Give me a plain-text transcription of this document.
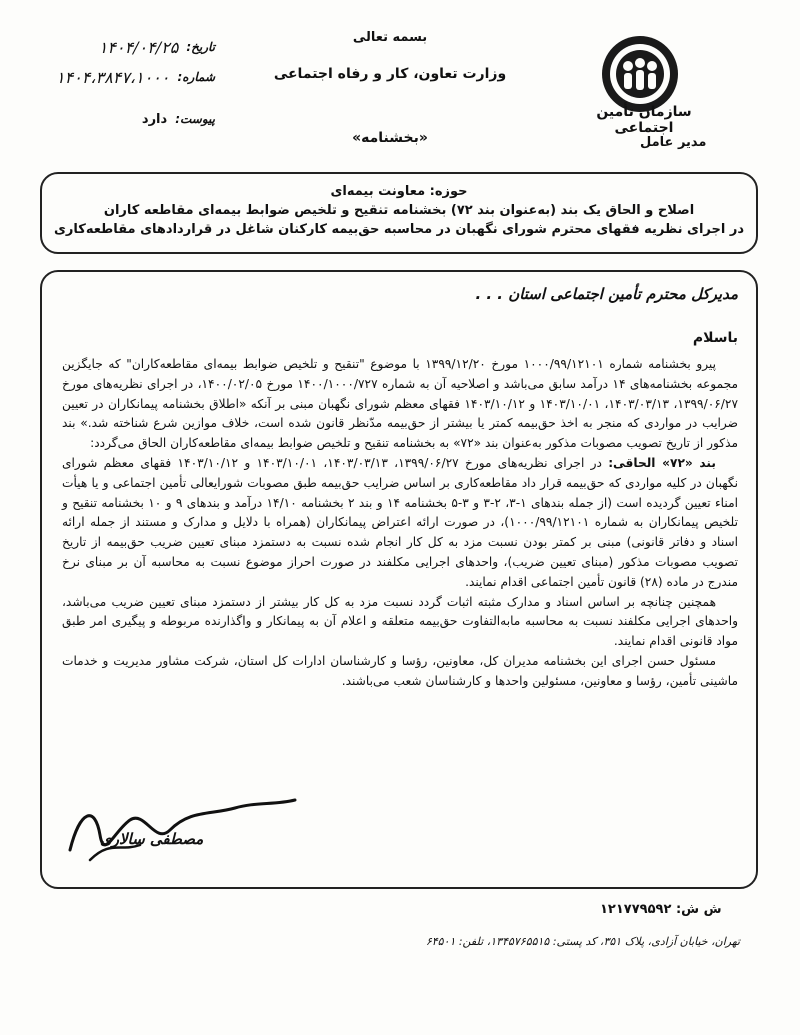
سازمان تأمین اجتماعی
مدیر عامل
بسمه تعالی
وزارت تعاون، کار و رفاه اجتماعی
«بخشنامه»
تاریخ:
۱۴۰۴/۰۴/۲۵
شماره:
۱۴۰۴،۳۸۴۷،۱۰۰۰
پیوست:
دارد
حوزه: معاونت بیمه‌ای
اصلاح و الحاق یک بند (به‌عنوان بند ۷۲) بخشنامه تنقیح و تلخیص ضوابط بیمه‌ای مقاطعه کاران
در اجرای نظریه فقهای محترم شورای نگهبان در محاسبه حق‌بیمه کارکنان شاغل در قراردادهای مقاطعه‌کاری
مدیرکل محترم تأمین اجتماعی استان . . .
باسلام

پیرو بخشنامه شماره ۱۰۰۰/۹۹/۱۲۱۰۱ مورخ ۱۳۹۹/۱۲/۲۰ با موضوع "تنقیح و تلخیص ضوابط بیمه‌ای مقاطعه‌کاران" که جایگزین مجموعه بخشنامه‌های ۱۴ درآمد سابق می‌باشد و اصلاحیه آن به شماره ۱۴۰۰/۱۰۰۰/۷۲۷ مورخ ۱۴۰۰/۰۲/۰۵، در اجرای نظریه‌های مورخ ۱۳۹۹/۰۶/۲۷، ۱۴۰۳/۰۳/۱۳، ۱۴۰۳/۱۰/۰۱ و ۱۴۰۳/۱۰/۱۲ فقهای معظم شورای نگهبان مبنی بر آنکه «اطلاق بخشنامه پیمانکاران در تعیین ضرایب در مواردی که منجر به اخذ حق‌بیمه کمتر یا بیشتر از حق‌بیمه مدّنظر قانون شده است، خلاف موازین شرع شناخته شد.» بند مذکور از تاریخ تصویب مصوبات مذکور به‌عنوان بند «۷۲» به بخشنامه تنقیح و تلخیص ضوابط بیمه‌ای مقاطعه‌کاران الحاق می‌گردد:

بند «۷۲» الحاقی: در اجرای نظریه‌های مورخ ۱۳۹۹/۰۶/۲۷، ۱۴۰۳/۰۳/۱۳، ۱۴۰۳/۱۰/۰۱ و ۱۴۰۳/۱۰/۱۲ فقهای معظم شورای نگهبان در کلیه مواردی که حق‌بیمه قرار داد مقاطعه‌کاری بر اساس ضرایب حق‌بیمه طبق مصوبات شورایعالی تأمین اجتماعی و یا هیأت امناء تعیین گردیده است (از جمله بندهای ۱-۳، ۲-۳ و ۳-۵ بخشنامه ۱۴ و بند ۲ بخشنامه ۱۴/۱۰ درآمد و بندهای ۹ و ۱۰ بخشنامه تنقیح و تلخیص پیمانکاران به شماره ۱۰۰۰/۹۹/۱۲۱۰۱)، در صورت ارائه اعتراض پیمانکاران (همراه با دلایل و مدارک و مستند از جمله ارائه اسناد و دفاتر قانونی) مبنی بر کمتر بودن نسبت مزد به کل کار انجام شده نسبت به دستمزد مبنای تعیین ضریب حق‌بیمه از تاریخ تصویب مصوبات مذکور (مبنای تعیین ضریب)، واحدهای اجرایی مکلفند در صورت احراز موضوع نسبت به محاسبه آن بر مبنای نرخ مندرج در ماده (۲۸) قانون تأمین اجتماعی اقدام نمایند.

همچنین چنانچه بر اساس اسناد و مدارک مثبته اثبات گردد نسبت مزد به کل کار بیشتر از دستمزد مبنای تعیین ضریب می‌باشد، واحدهای اجرایی مکلفند نسبت به محاسبه مابه‌التفاوت حق‌بیمه متعلقه و اعلام آن به پیمانکار و واگذارنده مربوطه و پیگیری امر طبق مواد قانونی اقدام نمایند.

مسئول حسن اجرای این بخشنامه مدیران کل، معاونین، رؤسا و کارشناسان ادارات کل استان، شرکت مشاور مدیریت و خدمات ماشینی تأمین، رؤسا و معاونین، مسئولین واحدها و کارشناسان شعب می‌باشند.

مصطفی سالاری
ش ش: ۱۲۱۷۷۹۵۹۲
تهران، خیابان آزادی، پلاک ۳۵۱، کد پستی: ۱۳۴۵۷۶۵۵۱۵، تلفن: ۶۴۵۰۱
